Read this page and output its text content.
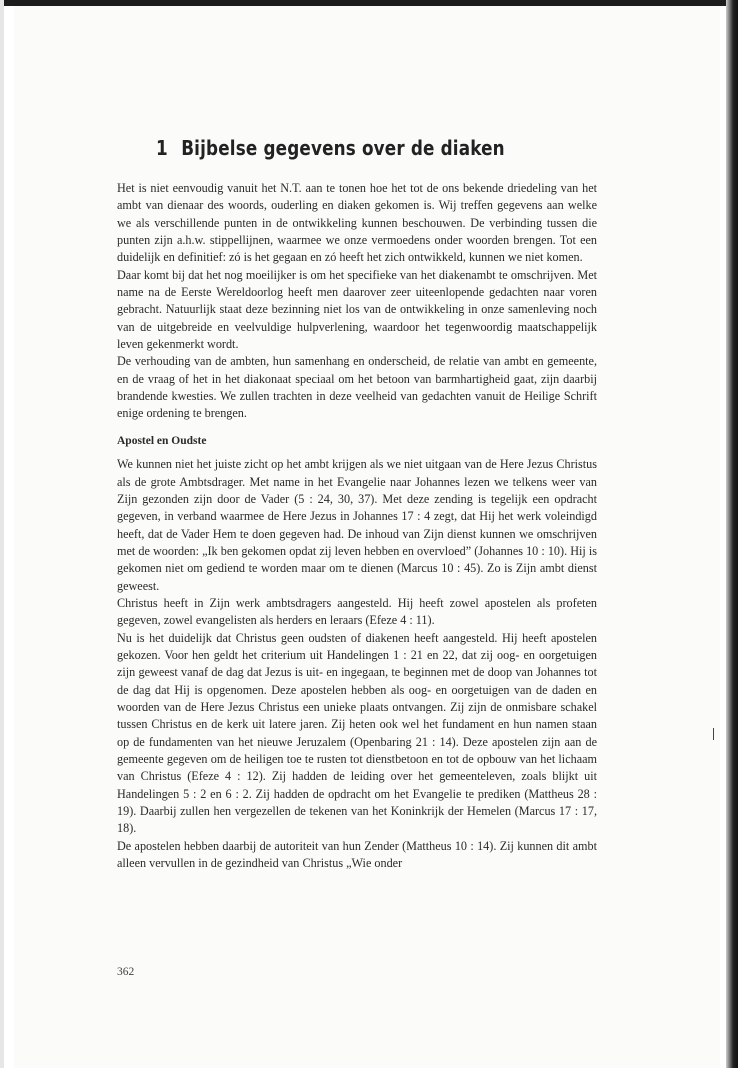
1 Bijbelse gegevens over de diaken

Het is niet eenvoudig vanuit het N.T. aan te tonen hoe het tot de ons bekende driedeling van het ambt van dienaar des woords, ouderling en diaken gekomen is. Wij treffen gegevens aan welke we als verschillende punten in de ontwikkeling kunnen beschouwen. De verbinding tussen die punten zijn a.h.w. stippellijnen, waarmee we onze vermoedens onder woorden brengen. Tot een duidelijk en definitief: zó is het gegaan en zó heeft het zich ontwikkeld, kunnen we niet komen.

Daar komt bij dat het nog moeilijker is om het specifieke van het diakenambt te omschrijven. Met name na de Eerste Wereldoorlog heeft men daarover zeer uiteenlopende gedachten naar voren gebracht. Natuurlijk staat deze bezinning niet los van de ontwikkeling in onze samenleving noch van de uitgebreide en veelvuldige hulpverlening, waardoor het tegenwoordig maatschappelijk leven gekenmerkt wordt.

De verhouding van de ambten, hun samenhang en onderscheid, de relatie van ambt en gemeente, en de vraag of het in het diakonaat speciaal om het betoon van barmhartigheid gaat, zijn daarbij brandende kwesties. We zullen trachten in deze veelheid van gedachten vanuit de Heilige Schrift enige ordening te brengen.

Apostel en Oudste

We kunnen niet het juiste zicht op het ambt krijgen als we niet uitgaan van de Here Jezus Christus als de grote Ambtsdrager. Met name in het Evangelie naar Johannes lezen we telkens weer van Zijn gezonden zijn door de Vader (5 : 24, 30, 37). Met deze zending is tegelijk een opdracht gegeven, in verband waarmee de Here Jezus in Johannes 17 : 4 zegt, dat Hij het werk voleindigd heeft, dat de Vader Hem te doen gegeven had. De inhoud van Zijn dienst kunnen we omschrijven met de woorden: „Ik ben gekomen opdat zij leven hebben en overvloed” (Johannes 10 : 10). Hij is gekomen niet om gediend te worden maar om te dienen (Marcus 10 : 45). Zo is Zijn ambt dienst geweest.

Christus heeft in Zijn werk ambtsdragers aangesteld. Hij heeft zowel apostelen als profeten gegeven, zowel evangelisten als herders en leraars (Efeze 4 : 11).

Nu is het duidelijk dat Christus geen oudsten of diakenen heeft aangesteld. Hij heeft apostelen gekozen. Voor hen geldt het criterium uit Handelingen 1 : 21 en 22, dat zij oog- en oorgetuigen zijn geweest vanaf de dag dat Jezus is uit- en ingegaan, te beginnen met de doop van Johannes tot de dag dat Hij is opgenomen. Deze apostelen hebben als oog- en oorgetuigen van de daden en woorden van de Here Jezus Christus een unieke plaats ontvangen. Zij zijn de onmisbare schakel tussen Christus en de kerk uit latere jaren. Zij heten ook wel het fundament en hun namen staan op de fundamenten van het nieuwe Jeruzalem (Openbaring 21 : 14). Deze apostelen zijn aan de gemeente gegeven om de heiligen toe te rusten tot dienstbetoon en tot de opbouw van het lichaam van Christus (Efeze 4 : 12). Zij hadden de leiding over het gemeenteleven, zoals blijkt uit Handelingen 5 : 2 en 6 : 2. Zij hadden de opdracht om het Evangelie te prediken (Mattheus 28 : 19). Daarbij zullen hen vergezellen de tekenen van het Koninkrijk der Hemelen (Marcus 17 : 17, 18).

De apostelen hebben daarbij de autoriteit van hun Zender (Mattheus 10 : 14). Zij kunnen dit ambt alleen vervullen in de gezindheid van Christus „Wie onder

362
